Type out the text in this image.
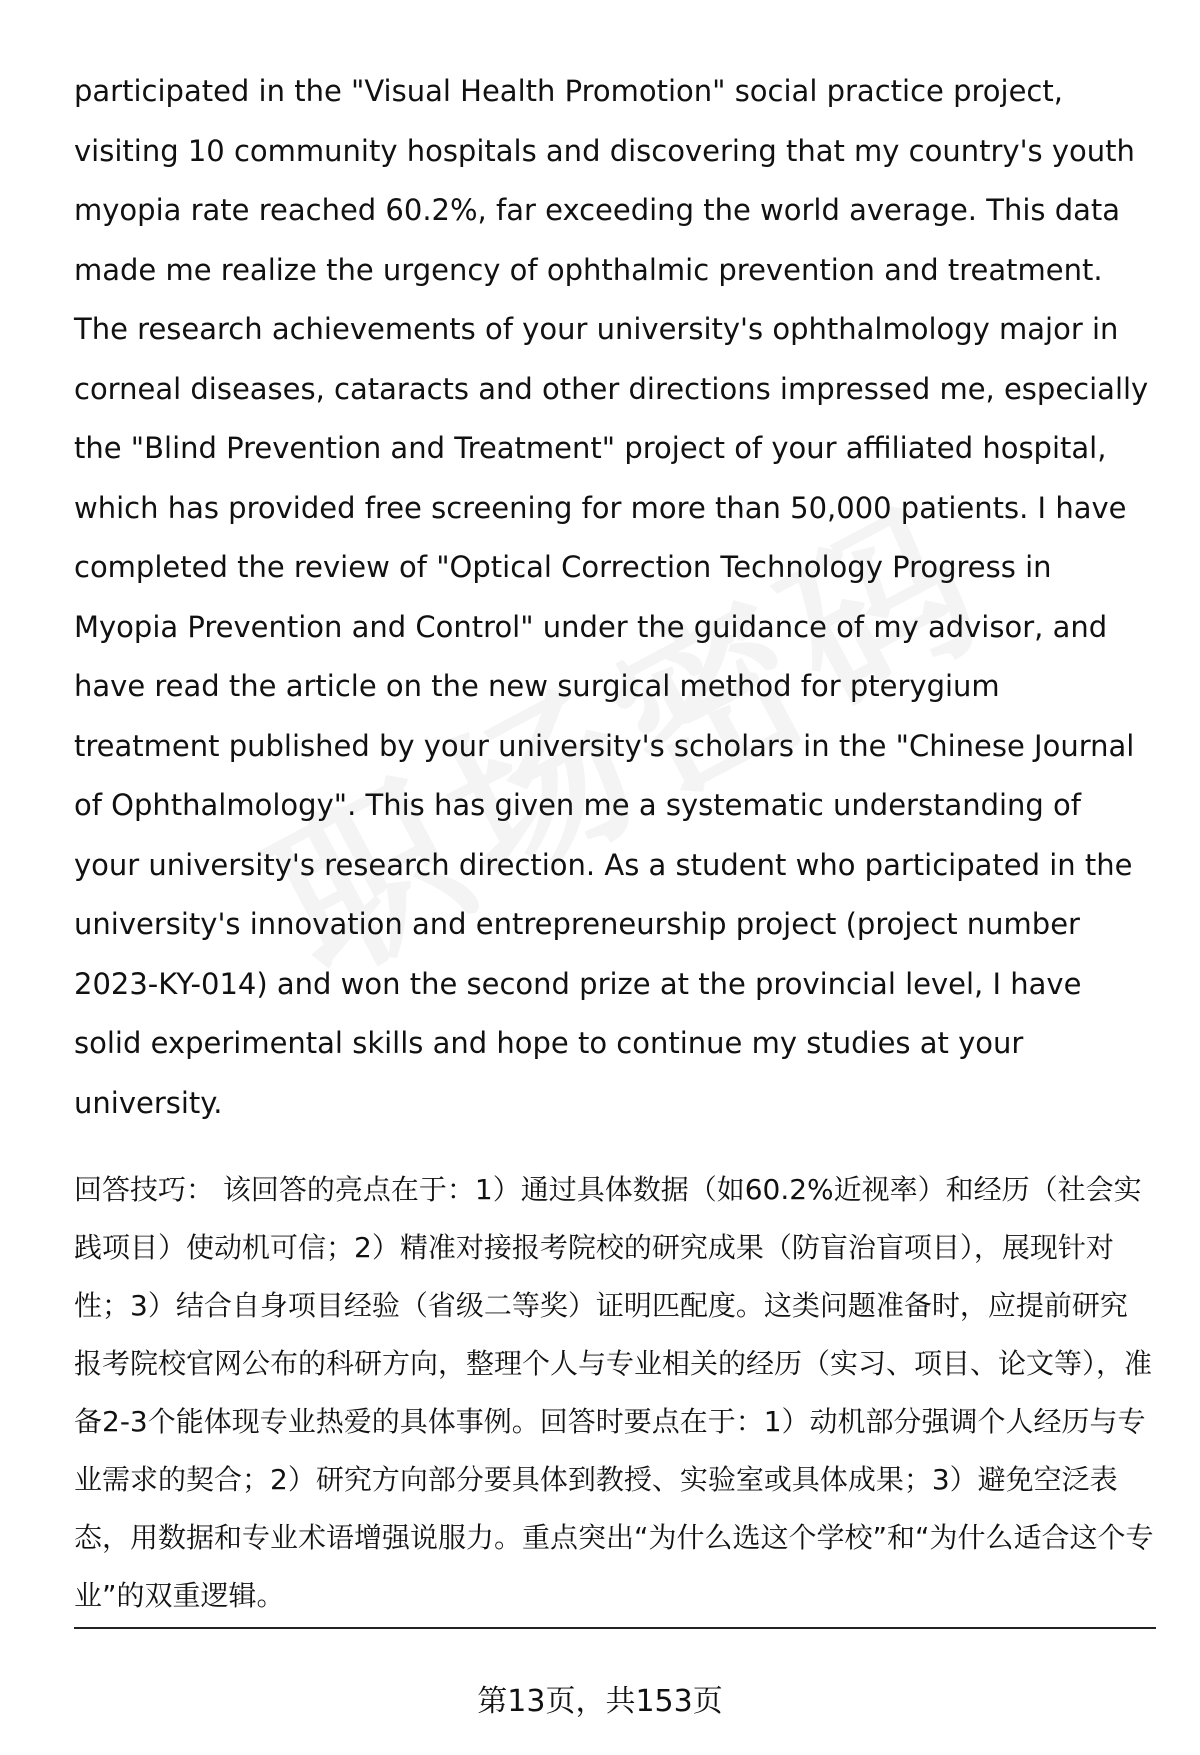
participated in the "Visual Health Promotion" social practice project, visiting 10 community hospitals and discovering that my country's youth myopia rate reached 60.2%, far exceeding the world average. This data made me realize the urgency of ophthalmic prevention and treatment. The research achievements of your university's ophthalmology major in corneal diseases, cataracts and other directions impressed me, especially the "Blind Prevention and Treatment" project of your affiliated hospital, which has provided free screening for more than 50,000 patients. I have completed the review of "Optical Correction Technology Progress in Myopia Prevention and Control" under the guidance of my advisor, and have read the article on the new surgical method for pterygium treatment published by your university's scholars in the "Chinese Journal of Ophthalmology". This has given me a systematic understanding of your university's research direction. As a student who participated in the university's innovation and entrepreneurship project (project number 2023-KY-014) and won the second prize at the provincial level, I have solid experimental skills and hope to continue my studies at your university.

回答技巧： 该回答的亮点在于：1）通过具体数据（如60.2%近视率）和经历（社会实践项目）使动机可信；2）精准对接报考院校的研究成果（防盲治盲项目），展现针对性；3）结合自身项目经验（省级二等奖）证明匹配度。这类问题准备时，应提前研究报考院校官网公布的科研方向，整理个人与专业相关的经历（实习、项目、论文等），准备2-3个能体现专业热爱的具体事例。回答时要点在于：1）动机部分强调个人经历与专业需求的契合；2）研究方向部分要具体到教授、实验室或具体成果；3）避免空泛表态，用数据和专业术语增强说服力。重点突出“为什么选这个学校”和“为什么适合这个专业”的双重逻辑。

第13页，共153页
